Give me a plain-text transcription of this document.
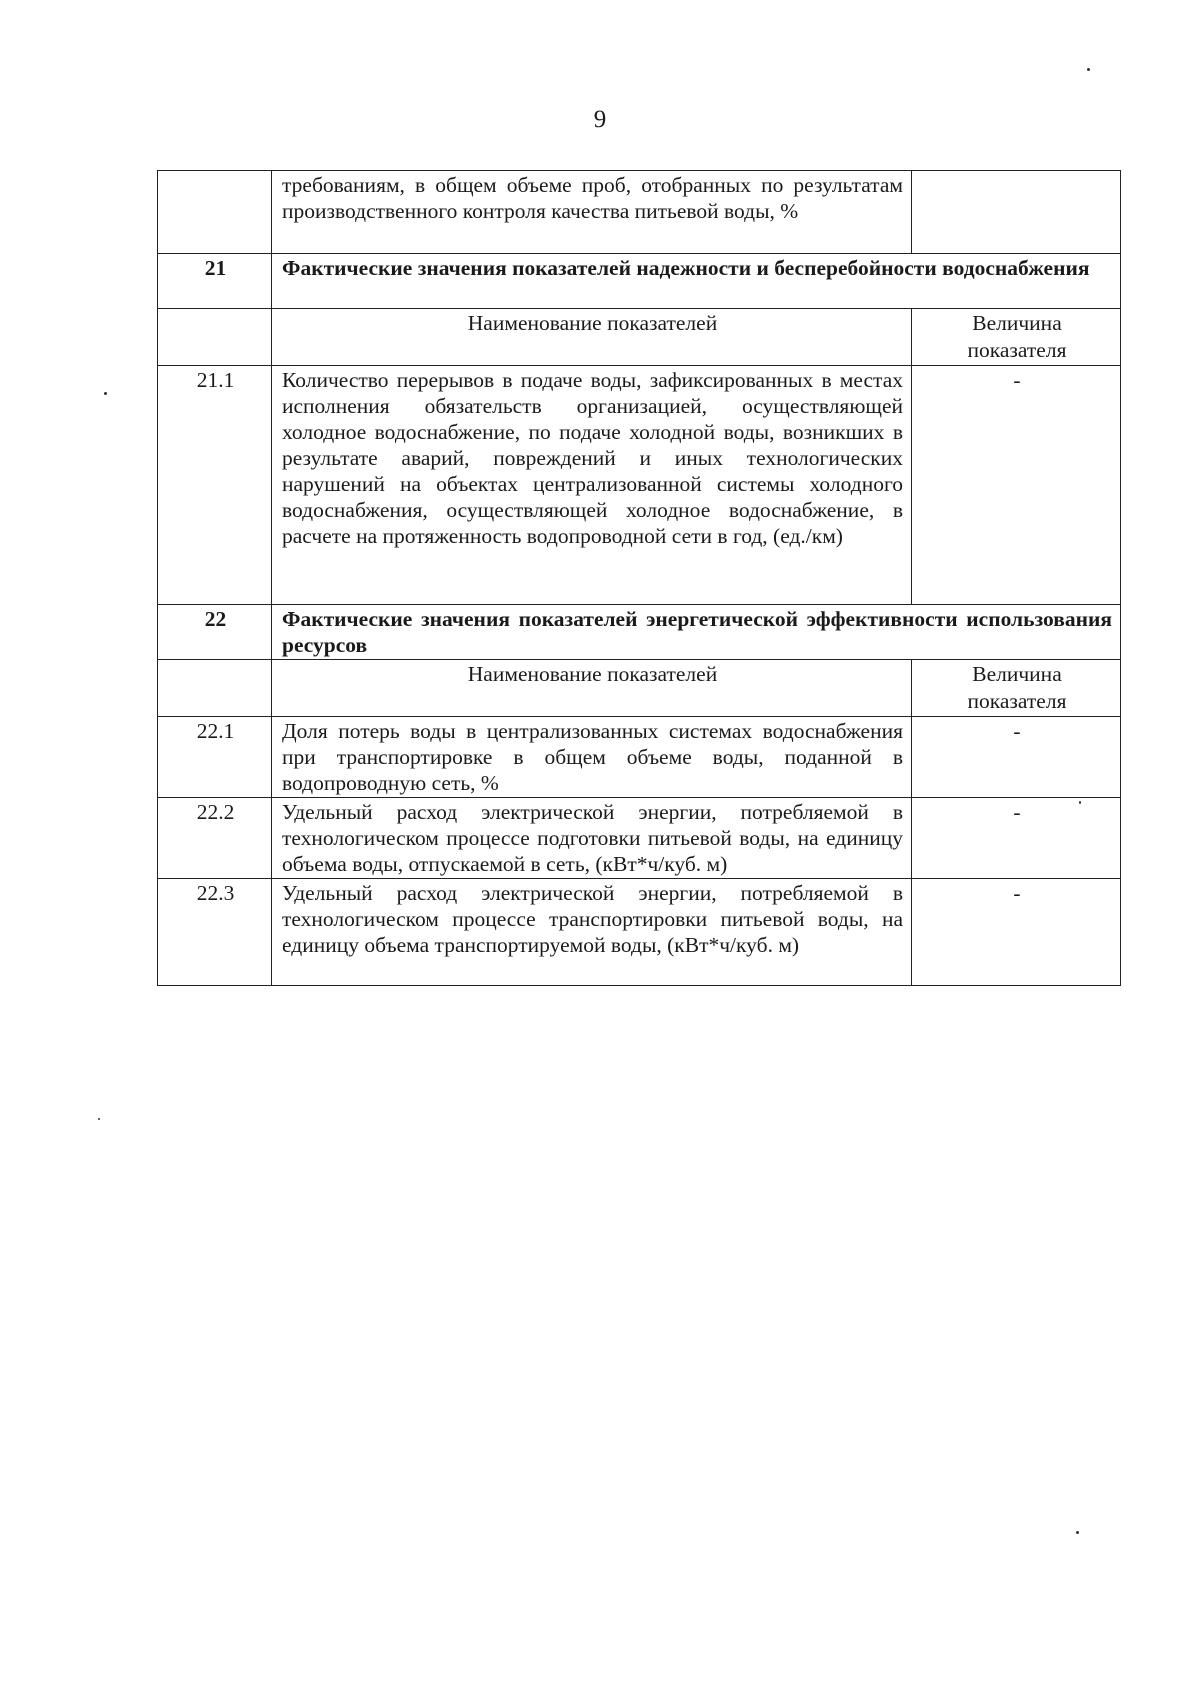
9
	требованиям, в общем объеме проб, отобранных по результатам производственного контроля качества питьевой воды, %	
21	Фактические значения показателей надежности и бесперебойности водоснабжения	
	Наименование показателей	Величина показателя
21.1	Количество перерывов в подаче воды, зафиксированных в местах исполнения обязательств организацией, осуществляющей холодное водоснабжение, по подаче холодной воды, возникших в результате аварий, повреждений и иных технологических нарушений на объектах централизованной системы холодного водоснабжения, осуществляющей холодное водоснабжение, в расчете на протяженность водопроводной сети в год, (ед./км)	-
22	Фактические значения показателей энергетической эффективности использования ресурсов	
	Наименование показателей	Величина показателя
22.1	Доля потерь воды в централизованных системах водоснабжения при транспортировке в общем объеме воды, поданной в водопроводную сеть, %	-
22.2	Удельный расход электрической энергии, потребляемой в технологическом процессе подготовки питьевой воды, на единицу объема воды, отпускаемой в сеть, (кВт*ч/куб. м)	-
22.3	Удельный расход электрической энергии, потребляемой в технологическом процессе транспортировки питьевой воды, на единицу объема транспортируемой воды, (кВт*ч/куб. м)	-
